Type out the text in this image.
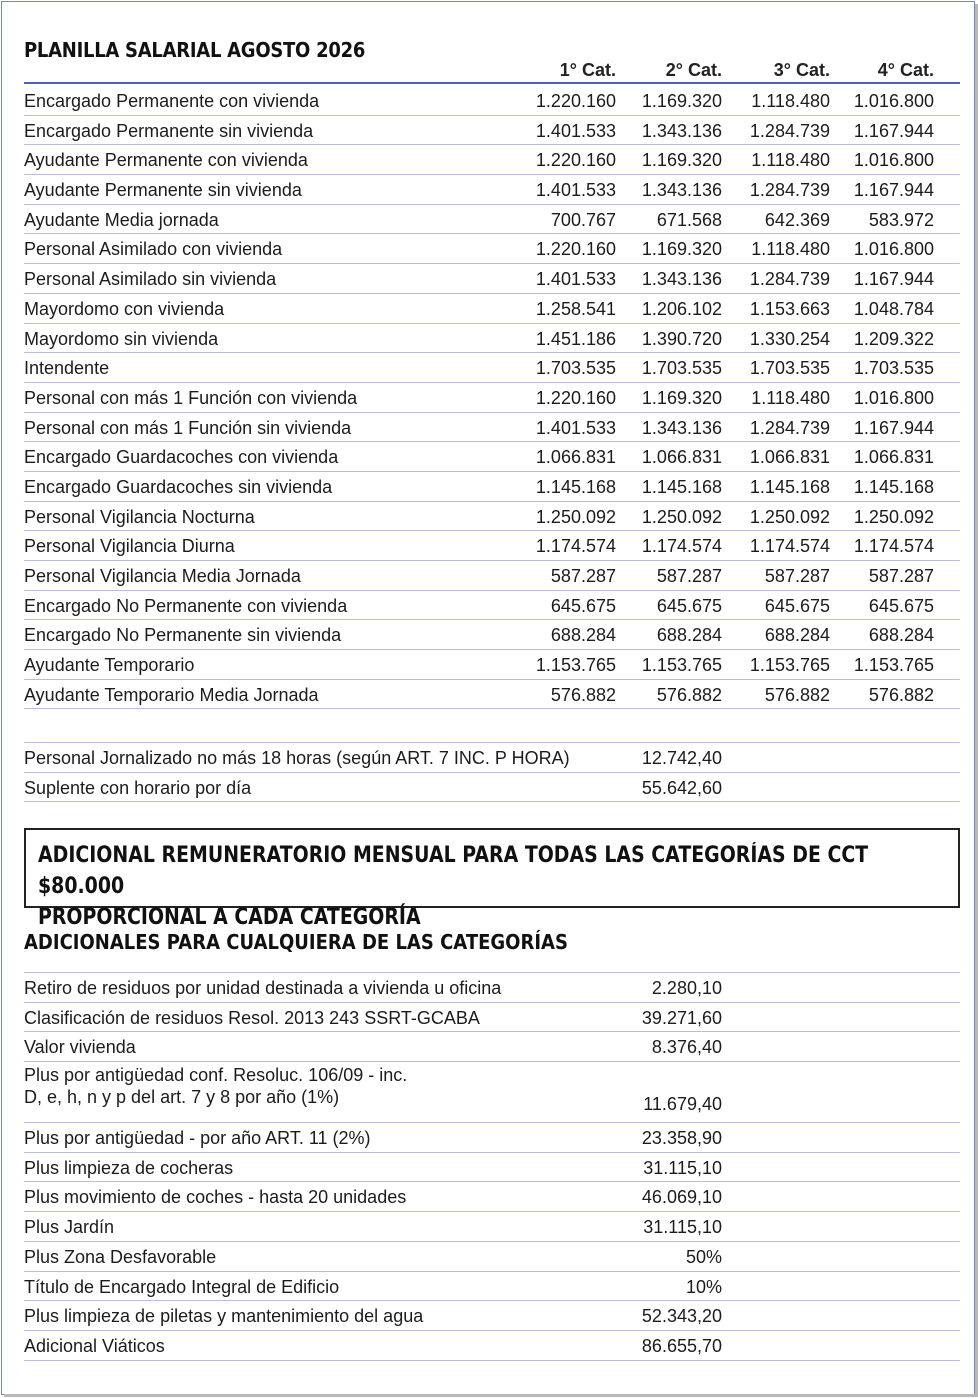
PLANILLA SALARIAL AGOSTO 2026
1° Cat.	2° Cat.	3° Cat.	4° Cat.
Encargado Permanente con vivienda	1.220.160	1.169.320	1.118.480	1.016.800
Encargado Permanente sin vivienda	1.401.533	1.343.136	1.284.739	1.167.944
Ayudante Permanente con vivienda	1.220.160	1.169.320	1.118.480	1.016.800
Ayudante Permanente sin vivienda	1.401.533	1.343.136	1.284.739	1.167.944
Ayudante Media jornada	700.767	671.568	642.369	583.972
Personal Asimilado con vivienda	1.220.160	1.169.320	1.118.480	1.016.800
Personal Asimilado sin vivienda	1.401.533	1.343.136	1.284.739	1.167.944
Mayordomo con vivienda	1.258.541	1.206.102	1.153.663	1.048.784
Mayordomo sin vivienda	1.451.186	1.390.720	1.330.254	1.209.322
Intendente	1.703.535	1.703.535	1.703.535	1.703.535
Personal con más 1 Función con vivienda	1.220.160	1.169.320	1.118.480	1.016.800
Personal con más 1 Función sin vivienda	1.401.533	1.343.136	1.284.739	1.167.944
Encargado Guardacoches con vivienda	1.066.831	1.066.831	1.066.831	1.066.831
Encargado Guardacoches sin vivienda	1.145.168	1.145.168	1.145.168	1.145.168
Personal Vigilancia Nocturna	1.250.092	1.250.092	1.250.092	1.250.092
Personal Vigilancia Diurna	1.174.574	1.174.574	1.174.574	1.174.574
Personal Vigilancia Media Jornada	587.287	587.287	587.287	587.287
Encargado No Permanente con vivienda	645.675	645.675	645.675	645.675
Encargado No Permanente sin vivienda	688.284	688.284	688.284	688.284
Ayudante Temporario	1.153.765	1.153.765	1.153.765	1.153.765
Ayudante Temporario Media Jornada	576.882	576.882	576.882	576.882
Personal Jornalizado no más 18 horas (según ART. 7 INC. P HORA)	12.742,40
Suplente con horario por día	55.642,60
ADICIONAL REMUNERATORIO MENSUAL PARA TODAS LAS CATEGORÍAS DE CCT $80.000
PROPORCIONAL A CADA CATEGORÍA
ADICIONALES PARA CUALQUIERA DE LAS CATEGORÍAS
Retiro de residuos por unidad destinada a vivienda u oficina	2.280,10
Clasificación de residuos Resol. 2013 243 SSRT-GCABA	39.271,60
Valor vivienda	8.376,40
Plus por antigüedad conf. Resoluc. 106/09 - inc. D, e, h, n y p del art. 7 y 8 por año (1%)	11.679,40
Plus por antigüedad - por año ART. 11 (2%)	23.358,90
Plus limpieza de cocheras	31.115,10
Plus movimiento de coches - hasta 20 unidades	46.069,10
Plus Jardín	31.115,10
Plus Zona Desfavorable	50%
Título de Encargado Integral de Edificio	10%
Plus limpieza de piletas y mantenimiento del agua	52.343,20
Adicional Viáticos	86.655,70
